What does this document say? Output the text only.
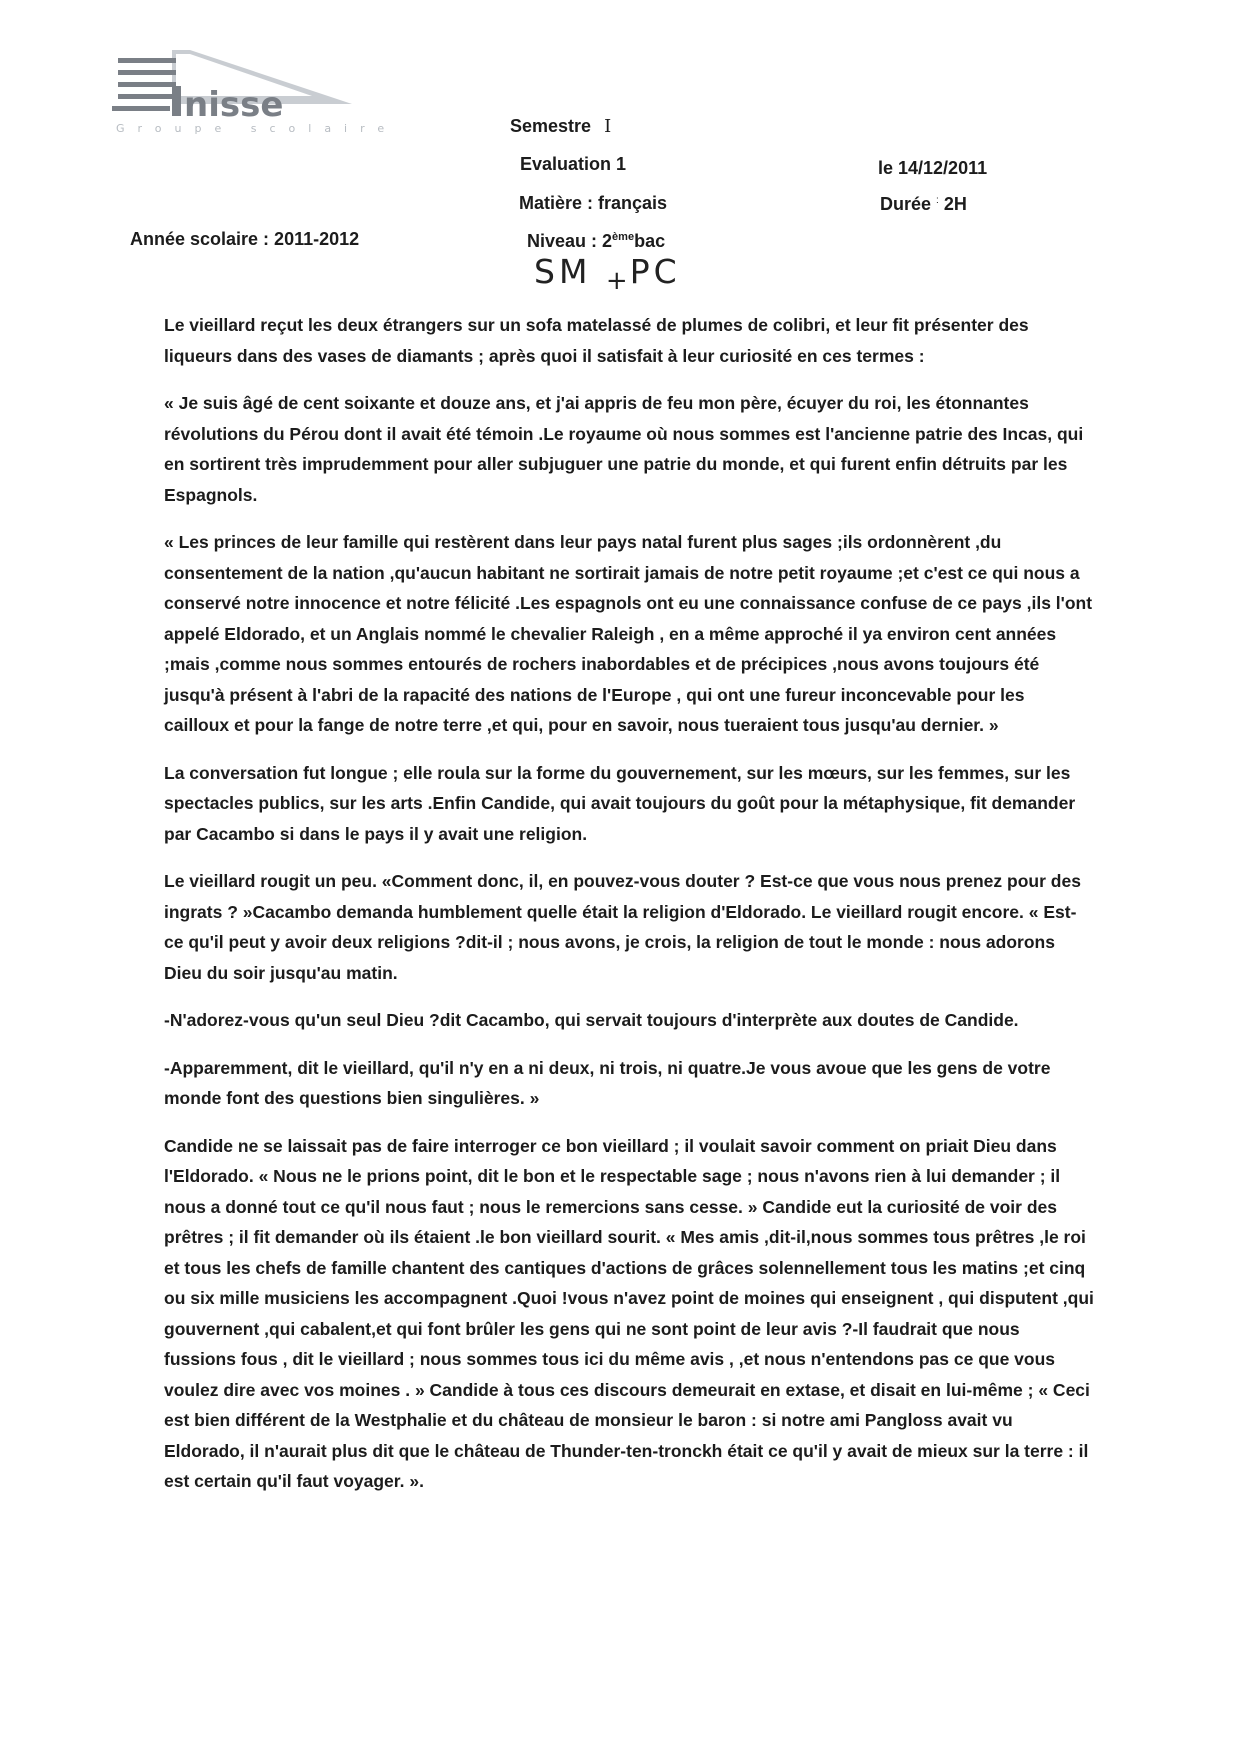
nisse
Groupe scolaire	Semestre I
Evaluation 1	le 14/12/2011
Matière : français	Durée : 2H
Année scolaire : 2011-2012	Niveau : 2èmebac
SM +PC

Le vieillard reçut les deux étrangers sur un sofa matelassé de plumes de colibri, et leur fit présenter des liqueurs dans des vases de diamants ; après quoi il satisfait à leur curiosité en ces termes :

« Je suis âgé de cent soixante et douze ans, et j'ai appris de feu mon père, écuyer du roi, les étonnantes révolutions du Pérou dont il avait été témoin .Le royaume où nous sommes est l'ancienne patrie des Incas, qui en sortirent très imprudemment pour aller subjuguer une patrie du monde, et qui furent enfin détruits par les Espagnols.

« Les princes de leur famille qui restèrent dans leur pays natal furent plus sages ;ils ordonnèrent ,du consentement de la nation ,qu'aucun habitant ne sortirait jamais de notre petit royaume ;et c'est ce qui nous a conservé notre innocence et notre félicité .Les espagnols ont eu une connaissance confuse de ce pays ,ils l'ont appelé Eldorado, et un Anglais nommé le chevalier Raleigh , en a même approché il ya environ cent années ;mais ,comme nous sommes entourés de rochers inabordables et de précipices ,nous avons toujours été jusqu'à présent à l'abri de la rapacité des nations de l'Europe , qui ont une fureur inconcevable pour les cailloux et pour la fange de notre terre ,et qui, pour en savoir, nous tueraient tous jusqu'au dernier. »

La conversation fut longue ; elle roula sur la forme du gouvernement, sur les mœurs, sur les femmes, sur les spectacles publics, sur les arts .Enfin Candide, qui avait toujours du goût pour la métaphysique, fit demander par Cacambo si dans le pays il y avait une religion.

Le vieillard rougit un peu. «Comment donc, il, en pouvez-vous douter ? Est-ce que vous nous prenez pour des ingrats ? »Cacambo demanda humblement quelle était la religion d'Eldorado. Le vieillard rougit encore. « Est-ce qu'il peut y avoir deux religions ?dit-il ; nous avons, je crois, la religion de tout le monde : nous adorons Dieu du soir jusqu'au matin.

-N'adorez-vous qu'un seul Dieu ?dit Cacambo, qui servait toujours d'interprète aux doutes de Candide.

-Apparemment, dit le vieillard, qu'il n'y en a ni deux, ni trois, ni quatre.Je vous avoue que les gens de votre monde font des questions bien singulières. »

Candide ne se laissait pas de faire interroger ce bon vieillard ; il voulait savoir comment on priait Dieu dans l'Eldorado. « Nous ne le prions point, dit le bon et le respectable sage ; nous n'avons rien à lui demander ; il nous a donné tout ce qu'il nous faut ; nous le remercions sans cesse. » Candide eut la curiosité de voir des prêtres ; il fit demander où ils étaient .le bon vieillard sourit. « Mes amis ,dit-il,nous sommes tous prêtres ,le roi et tous les chefs de famille chantent des cantiques d'actions de grâces solennellement tous les matins ;et cinq ou six mille musiciens les accompagnent .Quoi !vous n'avez point de moines qui enseignent , qui disputent ,qui gouvernent ,qui cabalent,et qui font brûler les gens qui ne sont point de leur avis ?-Il faudrait que nous fussions fous , dit le vieillard ; nous sommes tous ici du même avis , ,et nous n'entendons pas ce que vous voulez dire avec vos moines . » Candide à tous ces discours demeurait en extase, et disait en lui-même ; « Ceci est bien différent de la Westphalie et du château de monsieur le baron : si notre ami Pangloss avait vu Eldorado, il n'aurait plus dit que le château de Thunder-ten-tronckh était ce qu'il y avait de mieux sur la terre : il est certain qu'il faut voyager. ».
